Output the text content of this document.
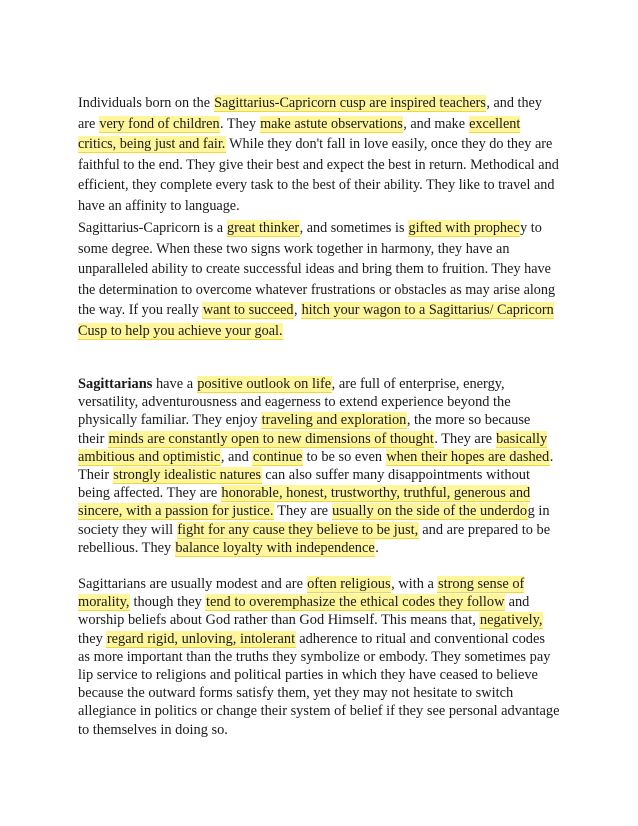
Individuals born on the Sagittarius-Capricorn cusp are inspired teachers, and they are very fond of children. They make astute observations, and make excellent critics, being just and fair. While they don't fall in love easily, once they do they are faithful to the end. They give their best and expect the best in return. Methodical and efficient, they complete every task to the best of their ability. They like to travel and have an affinity to language.

Sagittarius-Capricorn is a great thinker, and sometimes is gifted with prophecy to some degree. When these two signs work together in harmony, they have an unparalleled ability to create successful ideas and bring them to fruition. They have the determination to overcome whatever frustrations or obstacles as may arise along the way. If you really want to succeed, hitch your wagon to a Sagittarius/ Capricorn Cusp to help you achieve your goal.

Sagittarians have a positive outlook on life, are full of enterprise, energy, versatility, adventurousness and eagerness to extend experience beyond the physically familiar. They enjoy traveling and exploration, the more so because their minds are constantly open to new dimensions of thought. They are basically ambitious and optimistic, and continue to be so even when their hopes are dashed. Their strongly idealistic natures can also suffer many disappointments without being affected. They are honorable, honest, trustworthy, truthful, generous and sincere, with a passion for justice. They are usually on the side of the underdog in society they will fight for any cause they believe to be just, and are prepared to be rebellious. They balance loyalty with independence.

Sagittarians are usually modest and are often religious, with a strong sense of morality, though they tend to overemphasize the ethical codes they follow and worship beliefs about God rather than God Himself. This means that, negatively, they regard rigid, unloving, intolerant adherence to ritual and conventional codes as more important than the truths they symbolize or embody. They sometimes pay lip service to religions and political parties in which they have ceased to believe because the outward forms satisfy them, yet they may not hesitate to switch allegiance in politics or change their system of belief if they see personal advantage to themselves in doing so.
